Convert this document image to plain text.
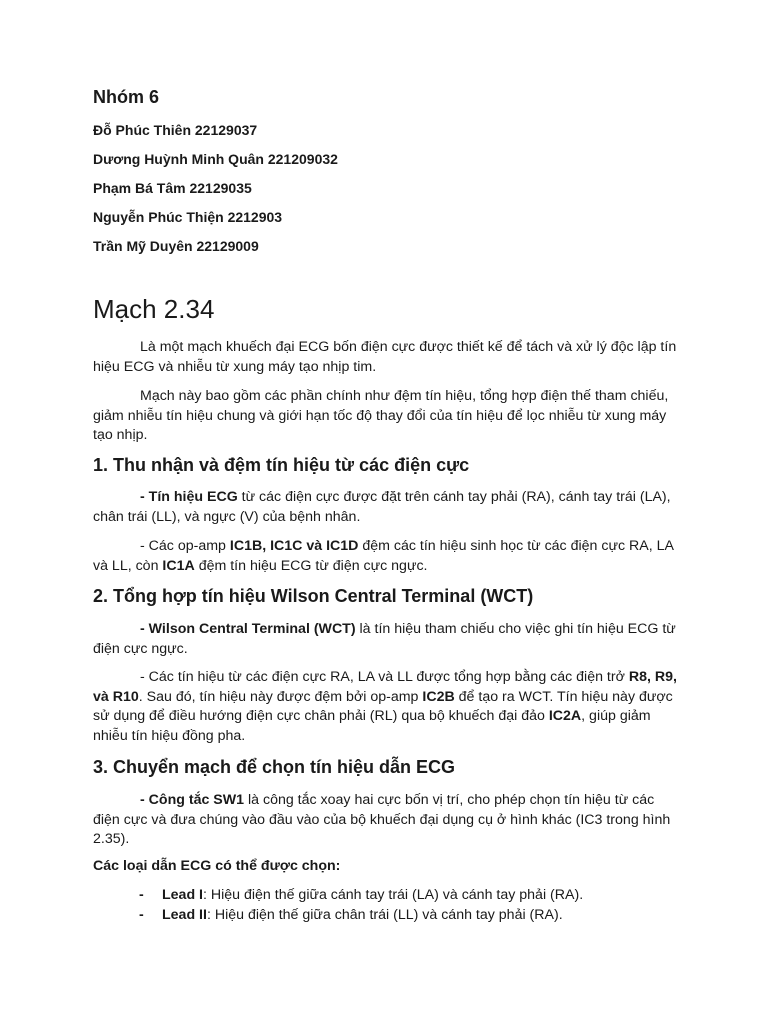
Nhóm 6
Đỗ Phúc Thiên 22129037
Dương Huỳnh Minh Quân 221209032
Phạm Bá Tâm 22129035
Nguyễn Phúc Thiện 2212903
Trần Mỹ Duyên 22129009
Mạch 2.34

Là một mạch khuếch đại ECG bốn điện cực được thiết kế để tách và xử lý độc lập tín hiệu ECG và nhiễu từ xung máy tạo nhịp tim.

Mạch này bao gồm các phần chính như đệm tín hiệu, tổng hợp điện thế tham chiếu, giảm nhiễu tín hiệu chung và giới hạn tốc độ thay đổi của tín hiệu để lọc nhiễu từ xung máy tạo nhịp.

1. Thu nhận và đệm tín hiệu từ các điện cực

- Tín hiệu ECG từ các điện cực được đặt trên cánh tay phải (RA), cánh tay trái (LA), chân trái (LL), và ngực (V) của bệnh nhân.

- Các op-amp IC1B, IC1C và IC1D đệm các tín hiệu sinh học từ các điện cực RA, LA và LL, còn IC1A đệm tín hiệu ECG từ điện cực ngực.

2. Tổng hợp tín hiệu Wilson Central Terminal (WCT)

- Wilson Central Terminal (WCT) là tín hiệu tham chiếu cho việc ghi tín hiệu ECG từ điện cực ngực.

- Các tín hiệu từ các điện cực RA, LA và LL được tổng hợp bằng các điện trở R8, R9, và R10. Sau đó, tín hiệu này được đệm bởi op-amp IC2B để tạo ra WCT. Tín hiệu này được sử dụng để điều hướng điện cực chân phải (RL) qua bộ khuếch đại đảo IC2A, giúp giảm nhiễu tín hiệu đồng pha.

3. Chuyển mạch để chọn tín hiệu dẫn ECG

- Công tắc SW1 là công tắc xoay hai cực bốn vị trí, cho phép chọn tín hiệu từ các điện cực và đưa chúng vào đầu vào của bộ khuếch đại dụng cụ ở hình khác (IC3 trong hình 2.35).

Các loại dẫn ECG có thể được chọn:
- Lead I: Hiệu điện thế giữa cánh tay trái (LA) và cánh tay phải (RA).
- Lead II: Hiệu điện thế giữa chân trái (LL) và cánh tay phải (RA).
